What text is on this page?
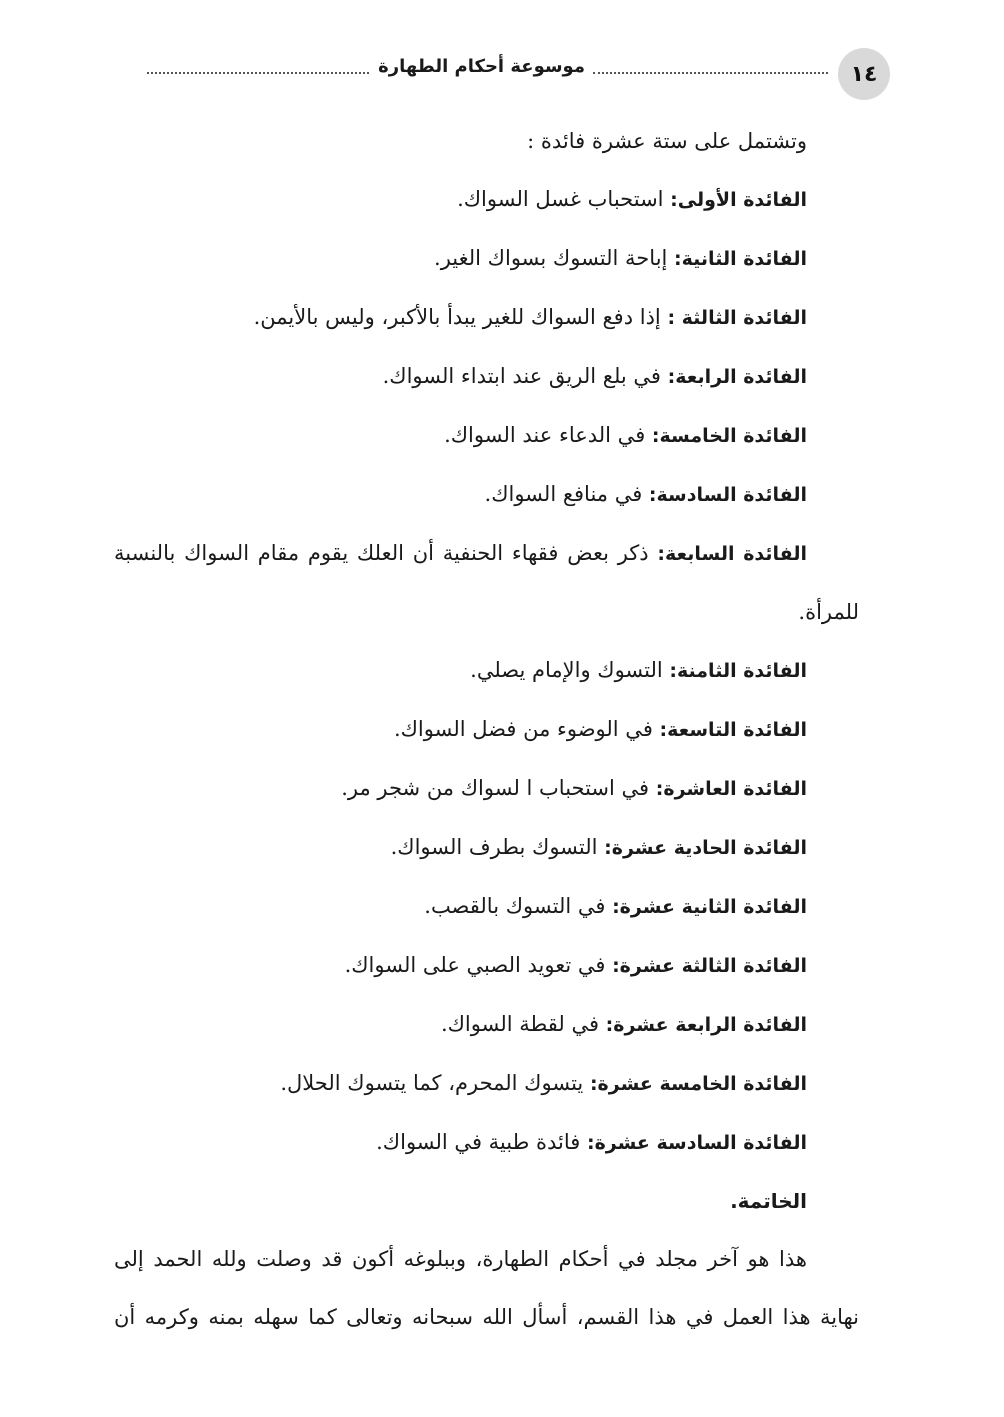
١٤
موسوعة أحكام الطهارة

وتشتمل على ستة عشرة فائدة :

الفائدة الأولى: استحباب غسل السواك.

الفائدة الثانية: إباحة التسوك بسواك الغير.

الفائدة الثالثة : إذا دفع السواك للغير يبدأ بالأكبر، وليس بالأيمن.

الفائدة الرابعة: في بلع الريق عند ابتداء السواك.

الفائدة الخامسة: في الدعاء عند السواك.

الفائدة السادسة: في منافع السواك.

الفائدة السابعة: ذكر بعض فقهاء الحنفية أن العلك يقوم مقام السواك بالنسبة للمرأة.

الفائدة الثامنة: التسوك والإمام يصلي.

الفائدة التاسعة: في الوضوء من فضل السواك.

الفائدة العاشرة: في استحباب ا لسواك من شجر مر.

الفائدة الحادية عشرة: التسوك بطرف السواك.

الفائدة الثانية عشرة: في التسوك بالقصب.

الفائدة الثالثة عشرة: في تعويد الصبي على السواك.

الفائدة الرابعة عشرة: في لقطة السواك.

الفائدة الخامسة عشرة: يتسوك المحرم، كما يتسوك الحلال.

الفائدة السادسة عشرة: فائدة طبية في السواك.

الخاتمة.

هذا هو آخر مجلد في أحكام الطهارة، وببلوغه أكون قد وصلت ولله الحمد إلى نهاية هذا العمل في هذا القسم، أسأل الله سبحانه وتعالى كما سهله بمنه وكرمه أن
